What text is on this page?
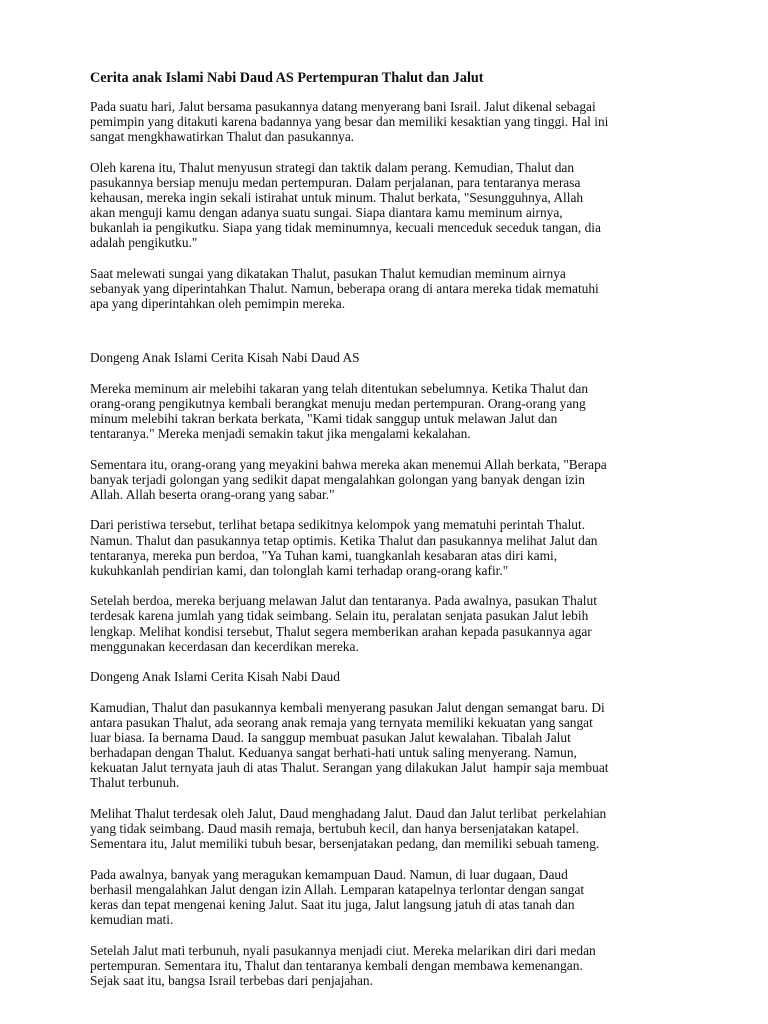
Cerita anak Islami Nabi Daud AS Pertempuran Thalut dan Jalut

Pada suatu hari, Jalut bersama pasukannya datang menyerang bani Israil. Jalut dikenal sebagai
pemimpin yang ditakuti karena badannya yang besar dan memiliki kesaktian yang tinggi. Hal ini
sangat mengkhawatirkan Thalut dan pasukannya.

Oleh karena itu, Thalut menyusun strategi dan taktik dalam perang. Kemudian, Thalut dan
pasukannya bersiap menuju medan pertempuran. Dalam perjalanan, para tentaranya merasa
kehausan, mereka ingin sekali istirahat untuk minum. Thalut berkata, "Sesungguhnya, Allah
akan menguji kamu dengan adanya suatu sungai. Siapa diantara kamu meminum airnya,
bukanlah ia pengikutku. Siapa yang tidak meminumnya, kecuali menceduk seceduk tangan, dia
adalah pengikutku."

Saat melewati sungai yang dikatakan Thalut, pasukan Thalut kemudian meminum airnya
sebanyak yang diperintahkan Thalut. Namun, beberapa orang di antara mereka tidak mematuhi
apa yang diperintahkan oleh pemimpin mereka.

Dongeng Anak Islami Cerita Kisah Nabi Daud AS

Mereka meminum air melebihi takaran yang telah ditentukan sebelumnya. Ketika Thalut dan
orang-orang pengikutnya kembali berangkat menuju medan pertempuran. Orang-orang yang
minum melebihi takran berkata berkata, "Kami tidak sanggup untuk melawan Jalut dan
tentaranya." Mereka menjadi semakin takut jika mengalami kekalahan.

Sementara itu, orang-orang yang meyakini bahwa mereka akan menemui Allah berkata, "Berapa
banyak terjadi golongan yang sedikit dapat mengalahkan golongan yang banyak dengan izin
Allah. Allah beserta orang-orang yang sabar."

Dari peristiwa tersebut, terlihat betapa sedikitnya kelompok yang mematuhi perintah Thalut.
Namun. Thalut dan pasukannya tetap optimis. Ketika Thalut dan pasukannya melihat Jalut dan
tentaranya, mereka pun berdoa, "Ya Tuhan kami, tuangkanlah kesabaran atas diri kami,
kukuhkanlah pendirian kami, dan tolonglah kami terhadap orang-orang kafir."

Setelah berdoa, mereka berjuang melawan Jalut dan tentaranya. Pada awalnya, pasukan Thalut
terdesak karena jumlah yang tidak seimbang. Selain itu, peralatan senjata pasukan Jalut lebih
lengkap. Melihat kondisi tersebut, Thalut segera memberikan arahan kepada pasukannya agar
menggunakan kecerdasan dan kecerdikan mereka.

Dongeng Anak Islami Cerita Kisah Nabi Daud

Kamudian, Thalut dan pasukannya kembali menyerang pasukan Jalut dengan semangat baru. Di
antara pasukan Thalut, ada seorang anak remaja yang ternyata memiliki kekuatan yang sangat
luar biasa. Ia bernama Daud. Ia sanggup membuat pasukan Jalut kewalahan. Tibalah Jalut
berhadapan dengan Thalut. Keduanya sangat berhati-hati untuk saling menyerang. Namun,
kekuatan Jalut ternyata jauh di atas Thalut. Serangan yang dilakukan Jalut  hampir saja membuat
Thalut terbunuh.

Melihat Thalut terdesak oleh Jalut, Daud menghadang Jalut. Daud dan Jalut terlibat  perkelahian
yang tidak seimbang. Daud masih remaja, bertubuh kecil, dan hanya bersenjatakan katapel.
Sementara itu, Jalut memiliki tubuh besar, bersenjatakan pedang, dan memiliki sebuah tameng.

Pada awalnya, banyak yang meragukan kemampuan Daud. Namun, di luar dugaan, Daud
berhasil mengalahkan Jalut dengan izin Allah. Lemparan katapelnya terlontar dengan sangat
keras dan tepat mengenai kening Jalut. Saat itu juga, Jalut langsung jatuh di atas tanah dan
kemudian mati.

Setelah Jalut mati terbunuh, nyali pasukannya menjadi ciut. Mereka melarikan diri dari medan
pertempuran. Sementara itu, Thalut dan tentaranya kembali dengan membawa kemenangan.
Sejak saat itu, bangsa Israil terbebas dari penjajahan.
